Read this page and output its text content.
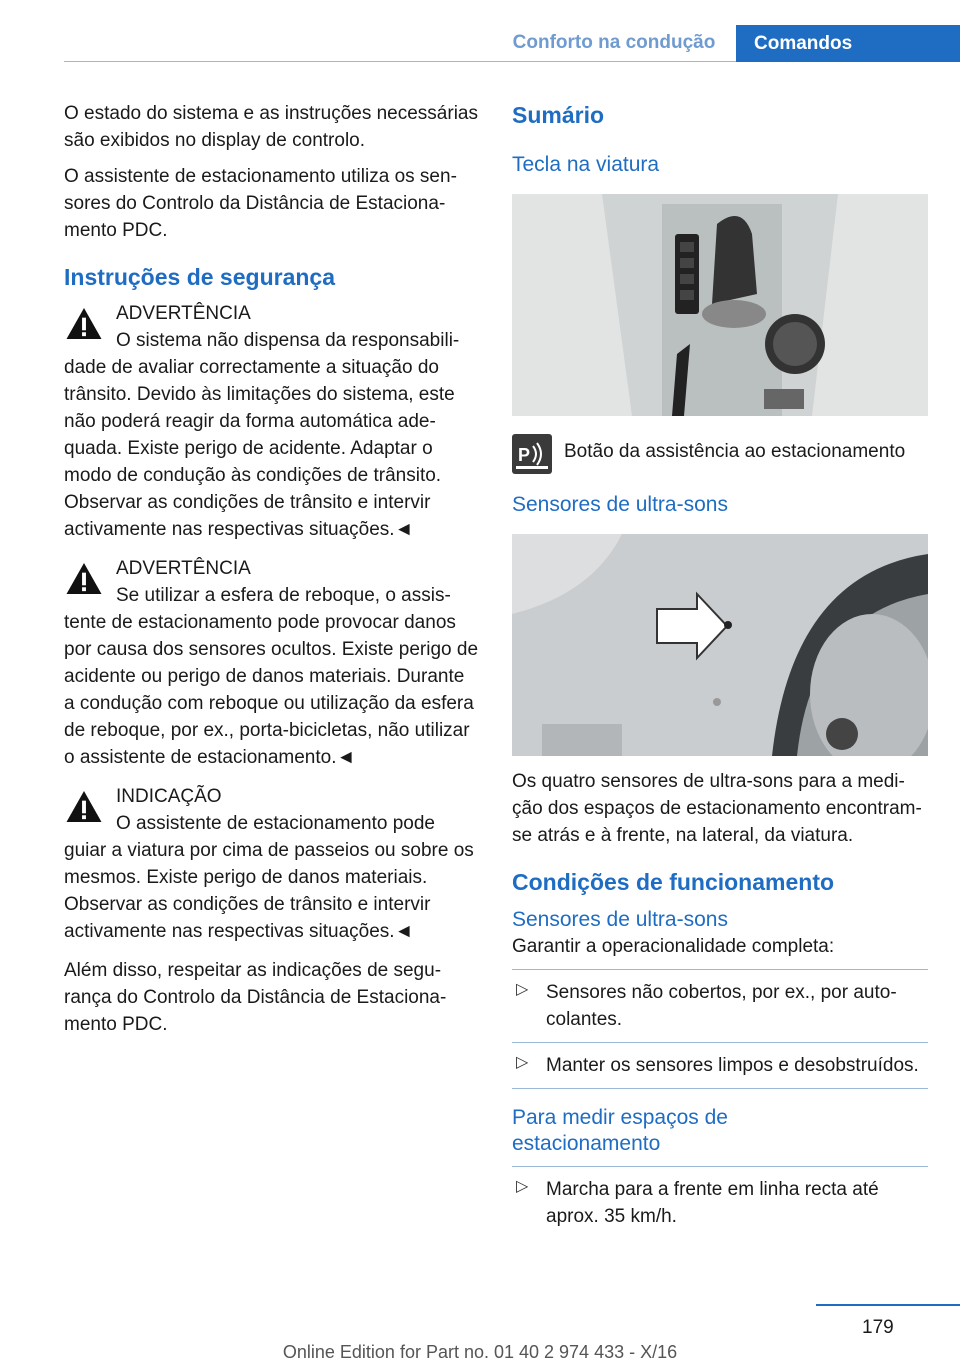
Conforto na condução	Comandos

O estado do sistema e as instruções necessárias são exibidos no display de controlo.

O assistente de estacionamento utiliza os sensores do Controlo da Distância de Estacionamento PDC.

Instruções de segurança
ADVERTÊNCIA

O sistema não dispensa da responsabilidade de avaliar correctamente a situação do trânsito. Devido às limitações do sistema, este não poderá reagir da forma automática adequada. Existe perigo de acidente. Adaptar o modo de condução às condições de trânsito. Observar as condições de trânsito e intervir activamente nas respectivas situações.◄

ADVERTÊNCIA

Se utilizar a esfera de reboque, o assistente de estacionamento pode provocar danos por causa dos sensores ocultos. Existe perigo de acidente ou perigo de danos materiais. Durante a condução com reboque ou utilização da esfera de reboque, por ex., porta-bicicletas, não utilizar o assistente de estacionamento.◄

INDICAÇÃO

O assistente de estacionamento pode guiar a viatura por cima de passeios ou sobre os mesmos. Existe perigo de danos materiais. Observar as condições de trânsito e intervir activamente nas respectivas situações.◄

Além disso, respeitar as indicações de segurança do Controlo da Distância de Estacionamento PDC.

Sumário
Tecla na viatura
P Botão da assistência ao estacionamento
Sensores de ultra-sons

Os quatro sensores de ultra-sons para a medição dos espaços de estacionamento encontram-se atrás e à frente, na lateral, da viatura.

Condições de funcionamento
Sensores de ultra-sons

Garantir a operacionalidade completa:

▷ Sensores não cobertos, por ex., por autocolantes.

▷ Manter os sensores limpos e desobstruídos.

Para medir espaços de
estacionamento
▷ Marcha para a frente em linha recta até aprox. 35 km/h.

179
Online Edition for Part no. 01 40 2 974 433 - X/16
